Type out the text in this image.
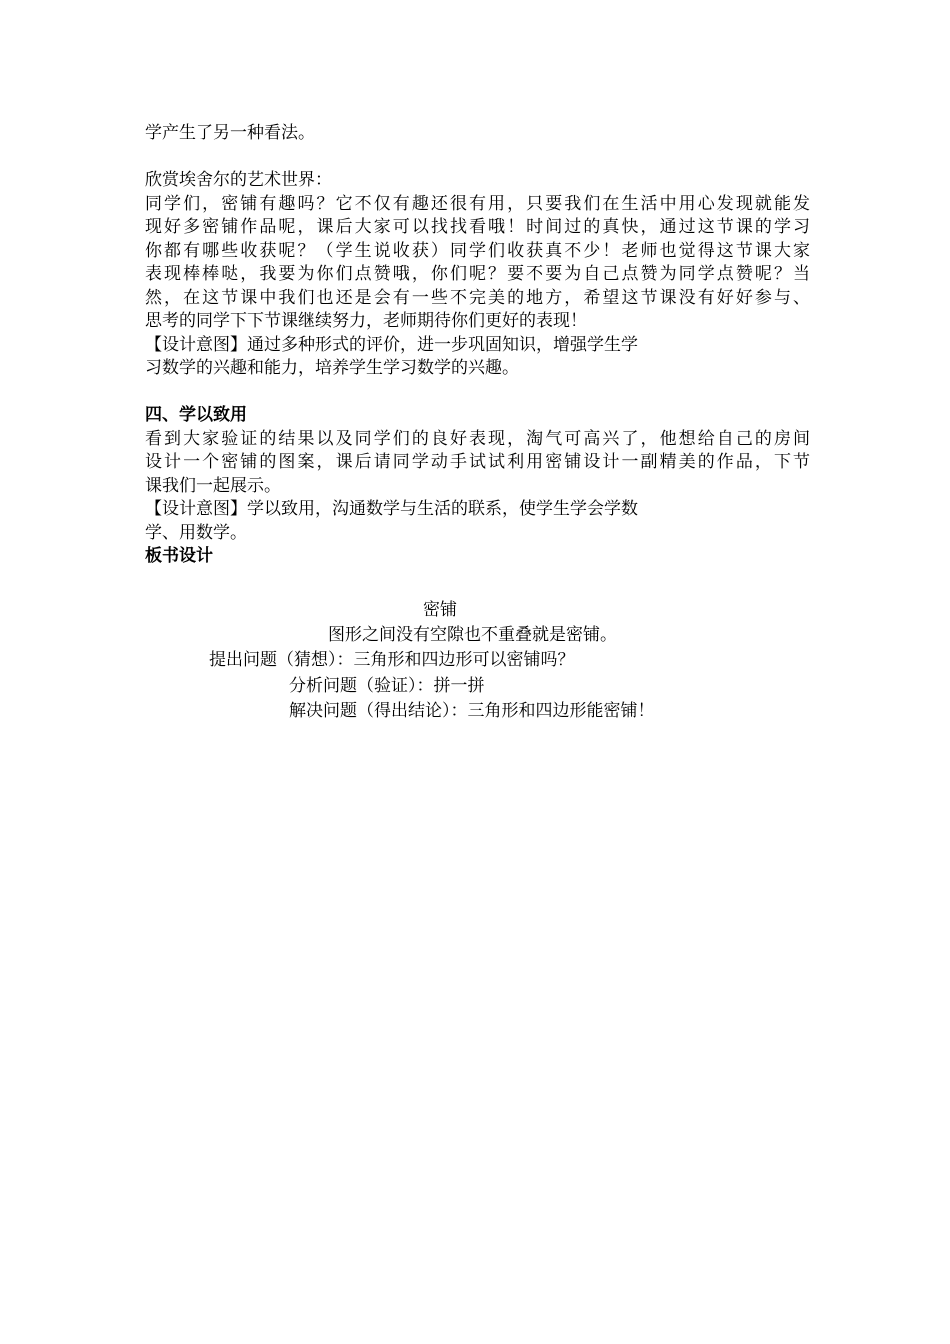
学产生了另一种看法。
欣赏埃舍尔的艺术世界：
同学们，密铺有趣吗？它不仅有趣还很有用，只要我们在生活中用心发现就能发
现好多密铺作品呢，课后大家可以找找看哦！时间过的真快，通过这节课的学习
你都有哪些收获呢？（学生说收获）同学们收获真不少！老师也觉得这节课大家
表现棒棒哒，我要为你们点赞哦，你们呢？要不要为自己点赞为同学点赞呢？当
然，在这节课中我们也还是会有一些不完美的地方，希望这节课没有好好参与、
思考的同学下下节课继续努力，老师期待你们更好的表现！
【设计意图】通过多种形式的评价，进一步巩固知识，增强学生学
习数学的兴趣和能力，培养学生学习数学的兴趣。
四、学以致用
看到大家验证的结果以及同学们的良好表现，淘气可高兴了，他想给自己的房间
设计一个密铺的图案，课后请同学动手试试利用密铺设计一副精美的作品，下节
课我们一起展示。
【设计意图】学以致用，沟通数学与生活的联系，使学生学会学数
学、用数学。
板书设计
密铺
图形之间没有空隙也不重叠就是密铺。
提出问题（猜想）：三角形和四边形可以密铺吗？
分析问题（验证）：拼一拼
解决问题（得出结论）：三角形和四边形能密铺！
